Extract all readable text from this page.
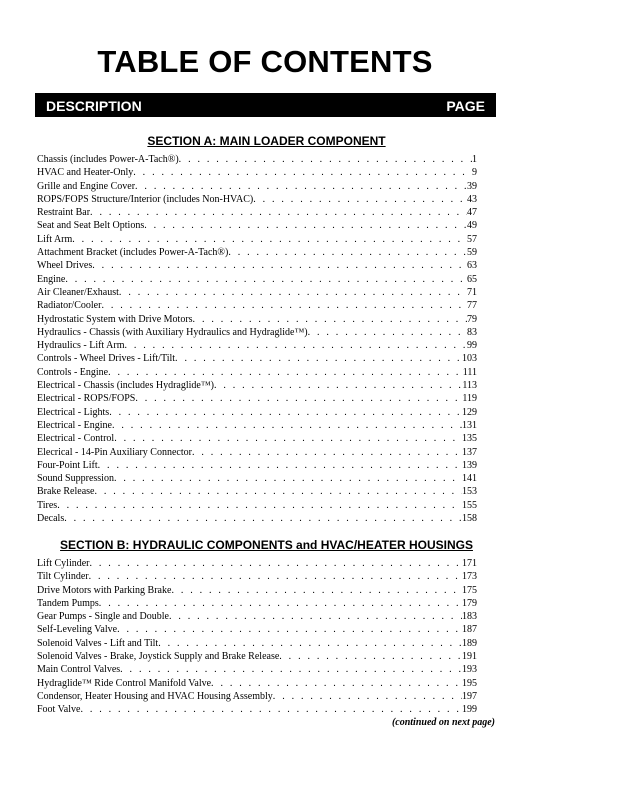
TABLE OF CONTENTS
DESCRIPTION	PAGE
SECTION A: MAIN LOADER COMPONENT
Chassis (includes Power-A-Tach®) . . .	1
HVAC and Heater-Only . . .	9
Grille and Engine Cover . . .	39
ROPS/FOPS Structure/Interior (includes Non-HVAC) . . .	43
Restraint Bar . . .	47
Seat and Seat Belt Options . . .	49
Lift Arm . . .	57
Attachment Bracket (includes Power-A-Tach®) . . .	59
Wheel Drives . . .	63
Engine . . .	65
Air Cleaner/Exhaust . . .	71
Radiator/Cooler . . .	77
Hydrostatic System with Drive Motors . . .	79
Hydraulics - Chassis (with Auxiliary Hydraulics and Hydraglide™) . . .	83
Hydraulics - Lift Arm . . .	99
Controls - Wheel Drives - Lift/Tilt . . .	103
Controls - Engine . . .	111
Electrical - Chassis (includes Hydraglide™) . . .	113
Electrical - ROPS/FOPS . . .	119
Electrical - Lights . . .	129
Electrical - Engine . . .	131
Electrical - Control . . .	135
Elecrical - 14-Pin Auxiliary Connector . . .	137
Four-Point Lift . . .	139
Sound Suppression . . .	141
Brake Release . . .	153
Tires . . .	155
Decals . . .	158
SECTION B: HYDRAULIC COMPONENTS and HVAC/HEATER HOUSINGS
Lift Cylinder . . .	171
Tilt Cylinder . . .	173
Drive Motors with Parking Brake . . .	175
Tandem Pumps . . .	179
Gear Pumps - Single and Double . . .	183
Self-Leveling Valve . . .	187
Solenoid Valves - Lift and Tilt . . .	189
Solenoid Valves - Brake, Joystick Supply and Brake Release . . .	191
Main Control Valves . . .	193
Hydraglide™ Ride Control Manifold Valve . . .	195
Condensor, Heater Housing and HVAC Housing Assembly . . .	197
Foot Valve . . .	199
(continued on next page)
